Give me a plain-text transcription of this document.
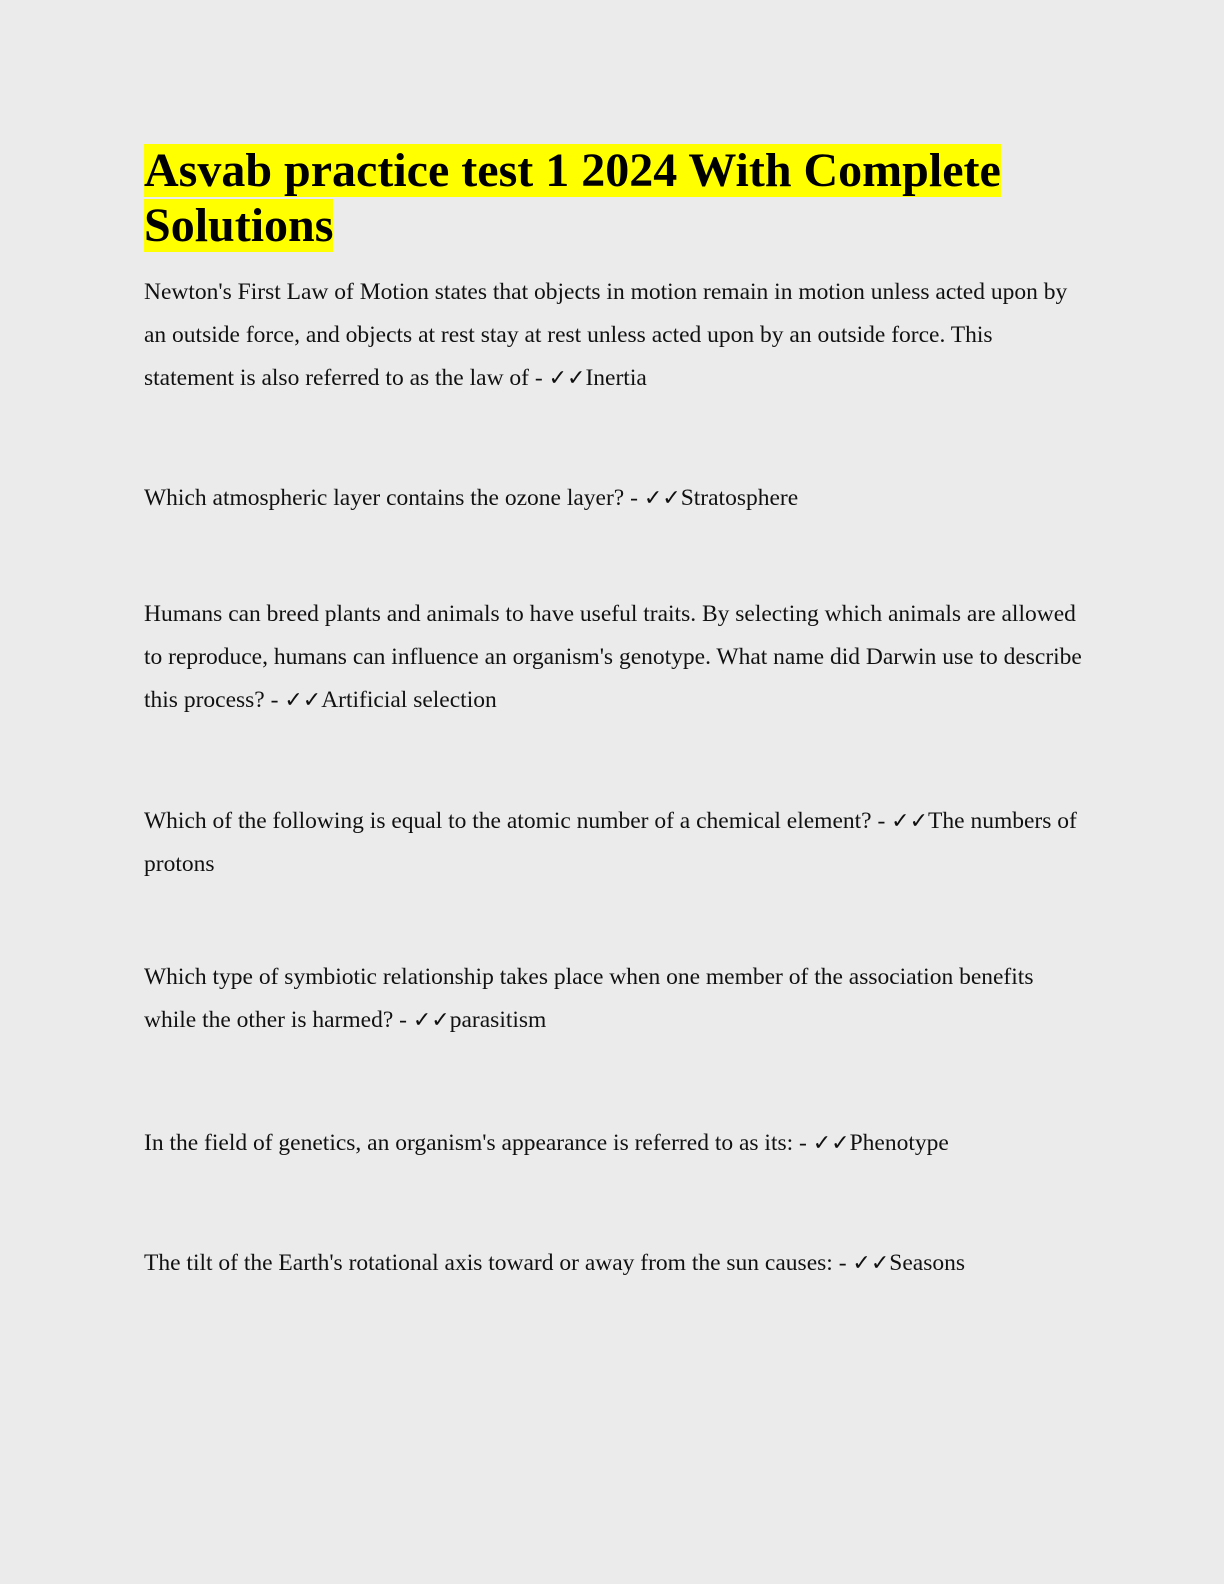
Asvab practice test 1 2024 With Complete Solutions

Newton's First Law of Motion states that objects in motion remain in motion unless acted upon by an outside force, and objects at rest stay at rest unless acted upon by an outside force. This statement is also referred to as the law of - ✓✓Inertia

Which atmospheric layer contains the ozone layer? - ✓✓Stratosphere

Humans can breed plants and animals to have useful traits. By selecting which animals are allowed to reproduce, humans can influence an organism's genotype. What name did Darwin use to describe this process? - ✓✓Artificial selection

Which of the following is equal to the atomic number of a chemical element? - ✓✓The numbers of protons

Which type of symbiotic relationship takes place when one member of the association benefits while the other is harmed? - ✓✓parasitism

In the field of genetics, an organism's appearance is referred to as its: - ✓✓Phenotype

The tilt of the Earth's rotational axis toward or away from the sun causes: - ✓✓Seasons
